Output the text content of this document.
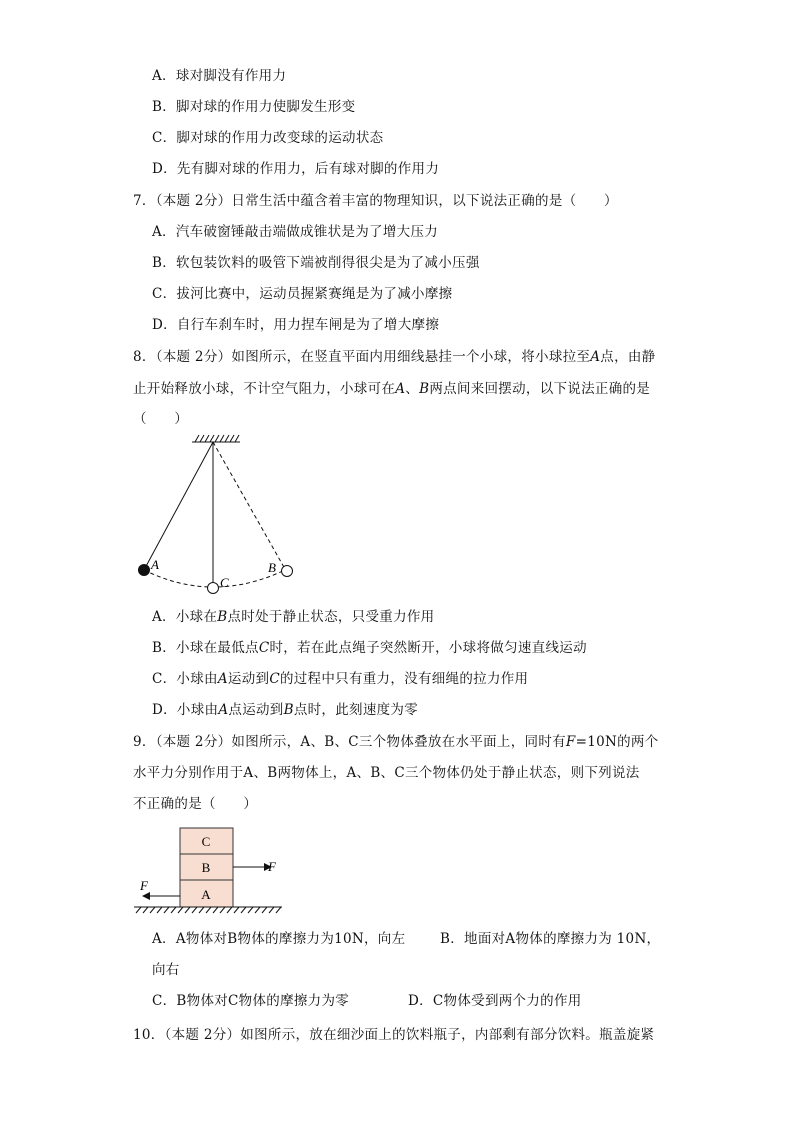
A．球对脚没有作用力
B．脚对球的作用力使脚发生形变
C．脚对球的作用力改变球的运动状态
D．先有脚对球的作用力，后有球对脚的作用力
7．（本题 2分）日常生活中蕴含着丰富的物理知识，以下说法正确的是（　　）
A．汽车破窗锤敲击端做成锥状是为了增大压力
B．软包装饮料的吸管下端被削得很尖是为了减小压强
C．拔河比赛中，运动员握紧赛绳是为了减小摩擦
D．自行车刹车时，用力捏车闸是为了增大摩擦
8．（本题 2分）如图所示，在竖直平面内用细线悬挂一个小球，将小球拉至A点，由静
止开始释放小球，不计空气阻力，小球可在A、B两点间来回摆动，以下说法正确的是
（　　）
A
C
B
A．小球在B点时处于静止状态，只受重力作用
B．小球在最低点C时，若在此点绳子突然断开，小球将做匀速直线运动
C．小球由A运动到C的过程中只有重力，没有细绳的拉力作用
D．小球由A点运动到B点时，此刻速度为零
9．（本题 2分）如图所示，A、B、C三个物体叠放在水平面上，同时有F=10N的两个
水平力分别作用于A、B两物体上，A、B、C三个物体仍处于静止状态，则下列说法
不正确的是（　　）
C
B
A
F
F
A．A物体对B物体的摩擦力为10N，向左	B．地面对A物体的摩擦力为 10N，
向右
C．B物体对C物体的摩擦力为零	D．C物体受到两个力的作用
10．（本题 2分）如图所示，放在细沙面上的饮料瓶子，内部剩有部分饮料。瓶盖旋紧
